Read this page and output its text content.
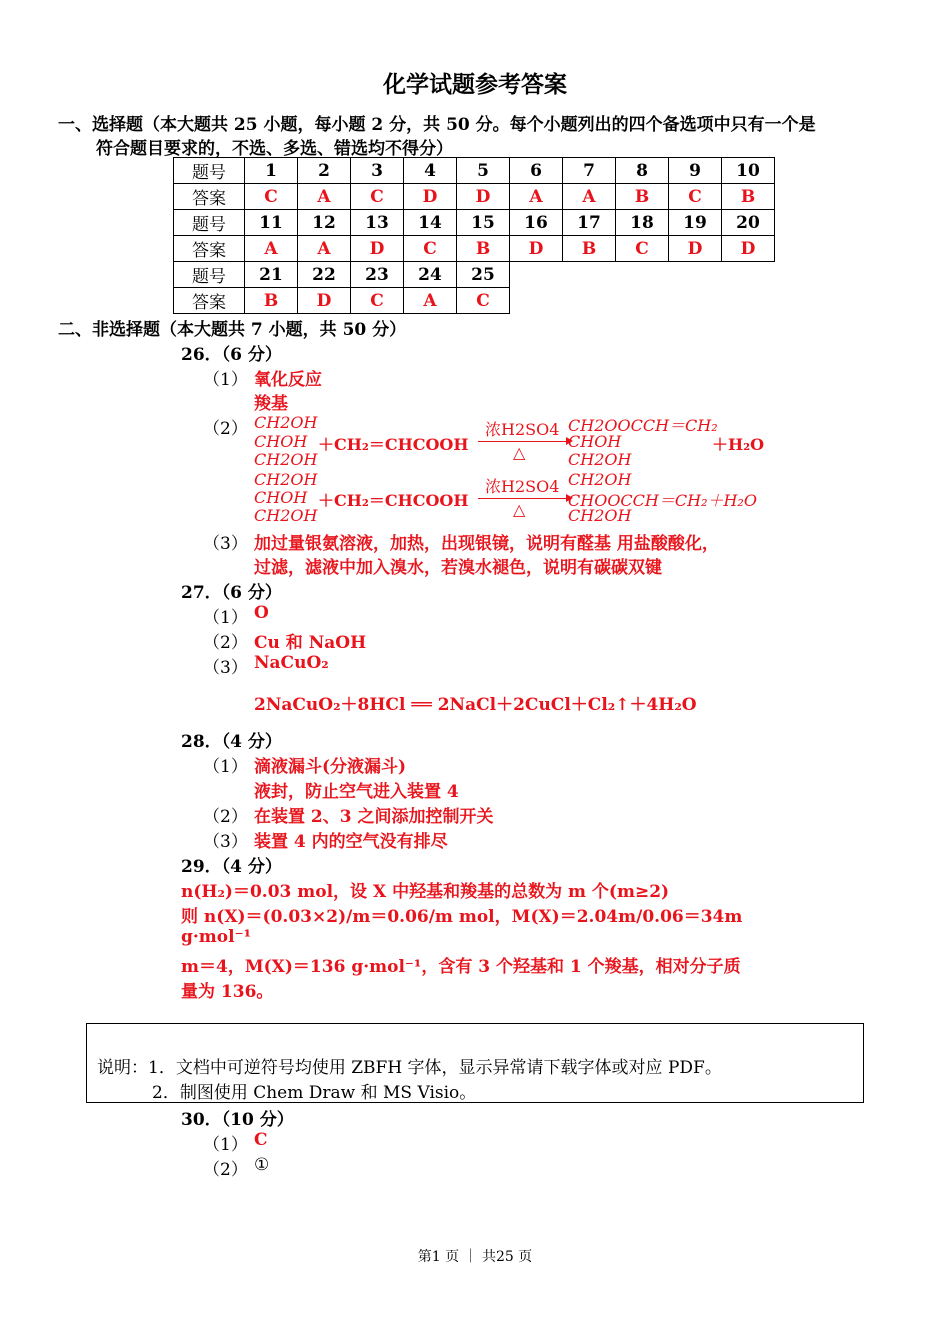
化学试题参考答案
一、选择题（本大题共 25 小题，每小题 2 分，共 50 分。每个小题列出的四个备选项中只有一个是
符合题目要求的，不选、多选、错选均不得分）
题号	1	2	3	4	5	6	7	8	9	10
答案	C	A	C	D	D	A	A	B	C	B
题号	11	12	13	14	15	16	17	18	19	20
答案	A	A	D	C	B	D	B	C	D	D
题号	21	22	23	24	25					
答案	B	D	C	A	C					
二、非选择题（本大题共 7 小题，共 50 分）
26．（6 分）
（1） 氧化反应
羧基
（2） CH2OH
CHOH
CH2OH
＋CH₂＝CHCOOH
浓H2SO4
△
CH2OOCCH＝CH₂
CHOH
CH2OH
＋H₂O
CH2OH
CHOH
CH2OH
＋CH₂＝CHCOOH
浓H2SO4
△
CH2OH
CHOOCCH＝CH₂＋H₂O
CH2OH
（3） 加过量银氨溶液，加热，出现银镜，说明有醛基 用盐酸酸化，
过滤，滤液中加入溴水，若溴水褪色，说明有碳碳双键
27．（6 分）
（1） O
（2） Cu 和 NaOH
（3） NaCuO₂
2NaCuO₂＋8HCl ══ 2NaCl＋2CuCl＋Cl₂↑＋4H₂O
28．（4 分）
（1） 滴液漏斗(分液漏斗)
液封，防止空气进入装置 4
（2） 在装置 2、3 之间添加控制开关
（3） 装置 4 内的空气没有排尽
29．（4 分）
n(H₂)＝0.03 mol，设 X 中羟基和羧基的总数为 m 个(m≥2)
则 n(X)＝(0.03×2)/m＝0.06/m mol，M(X)＝2.04m/0.06＝34m
g·mol⁻¹
m＝4，M(X)＝136 g·mol⁻¹，含有 3 个羟基和 1 个羧基，相对分子质
量为 136。
说明：1．文档中可逆符号均使用 ZBFH 字体，显示异常请下载字体或对应 PDF。
2．制图使用 Chem Draw 和 MS Visio。
30．（10 分）
（1） C
（2） ①
第1 页 ｜ 共25 页
